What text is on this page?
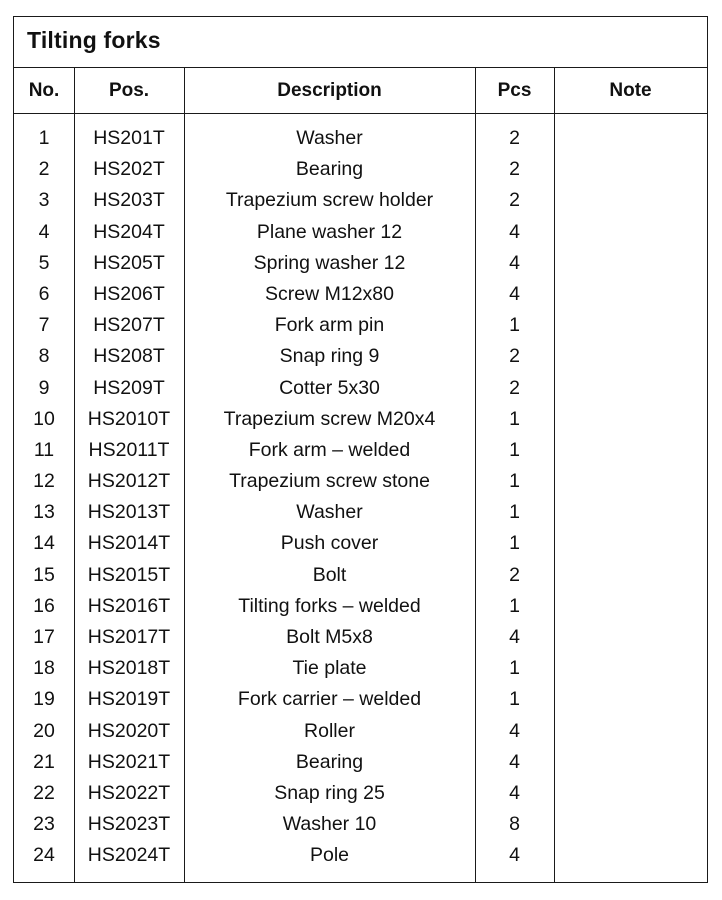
Tilting forks
No.	Pos.	Description	Pcs	Note
1	HS201T	Washer	2
2	HS202T	Bearing	2
3	HS203T	Trapezium screw holder	2
4	HS204T	Plane washer 12	4
5	HS205T	Spring washer 12	4
6	HS206T	Screw M12x80	4
7	HS207T	Fork arm pin	1
8	HS208T	Snap ring 9	2
9	HS209T	Cotter 5x30	2
10	HS2010T	Trapezium screw M20x4	1
11	HS2011T	Fork arm – welded	1
12	HS2012T	Trapezium screw stone	1
13	HS2013T	Washer	1
14	HS2014T	Push cover	1
15	HS2015T	Bolt	2
16	HS2016T	Tilting forks – welded	1
17	HS2017T	Bolt M5x8	4
18	HS2018T	Tie plate	1
19	HS2019T	Fork carrier – welded	1
20	HS2020T	Roller	4
21	HS2021T	Bearing	4
22	HS2022T	Snap ring 25	4
23	HS2023T	Washer 10	8
24	HS2024T	Pole	4
